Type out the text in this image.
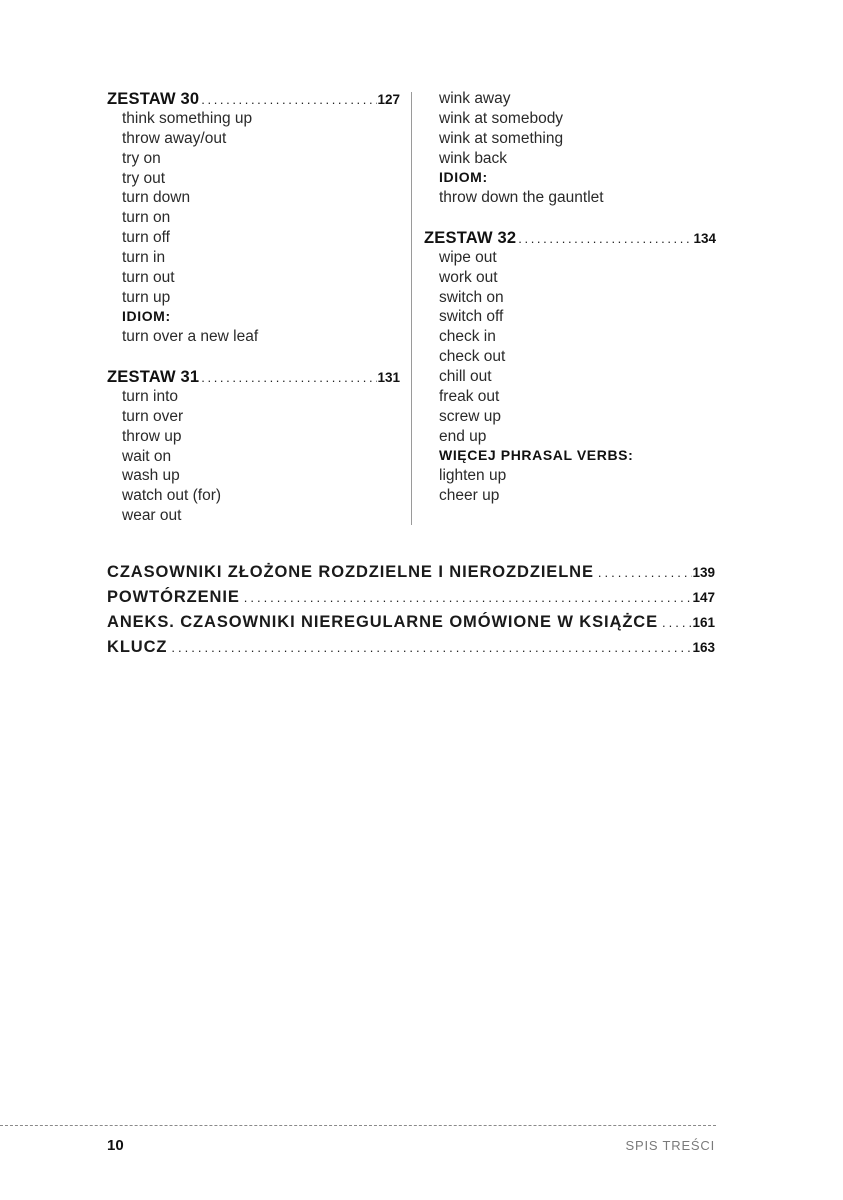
ZESTAW 30 .....	127
think something up
throw away/out
try on
try out
turn down
turn on
turn off
turn in
turn out
turn up
IDIOM:
turn over a new leaf
ZESTAW 31 .....	131
turn into
turn over
throw up
wait on
wash up
watch out (for)
wear out
wink away
wink at somebody
wink at something
wink back
IDIOM:
throw down the gauntlet
ZESTAW 32 .....	134
wipe out
work out
switch on
switch off
check in
check out
chill out
freak out
screw up
end up
WIĘCEJ PHRASAL VERBS:
lighten up
cheer up
CZASOWNIKI ZŁOŻONE ROZDZIELNE I NIEROZDZIELNE .....	139
POWTÓRZENIE .....	147
ANEKS. CZASOWNIKI NIEREGULARNE OMÓWIONE W KSIĄŻCE .....	161
KLUCZ .....	163
10	SPIS TREŚCI
